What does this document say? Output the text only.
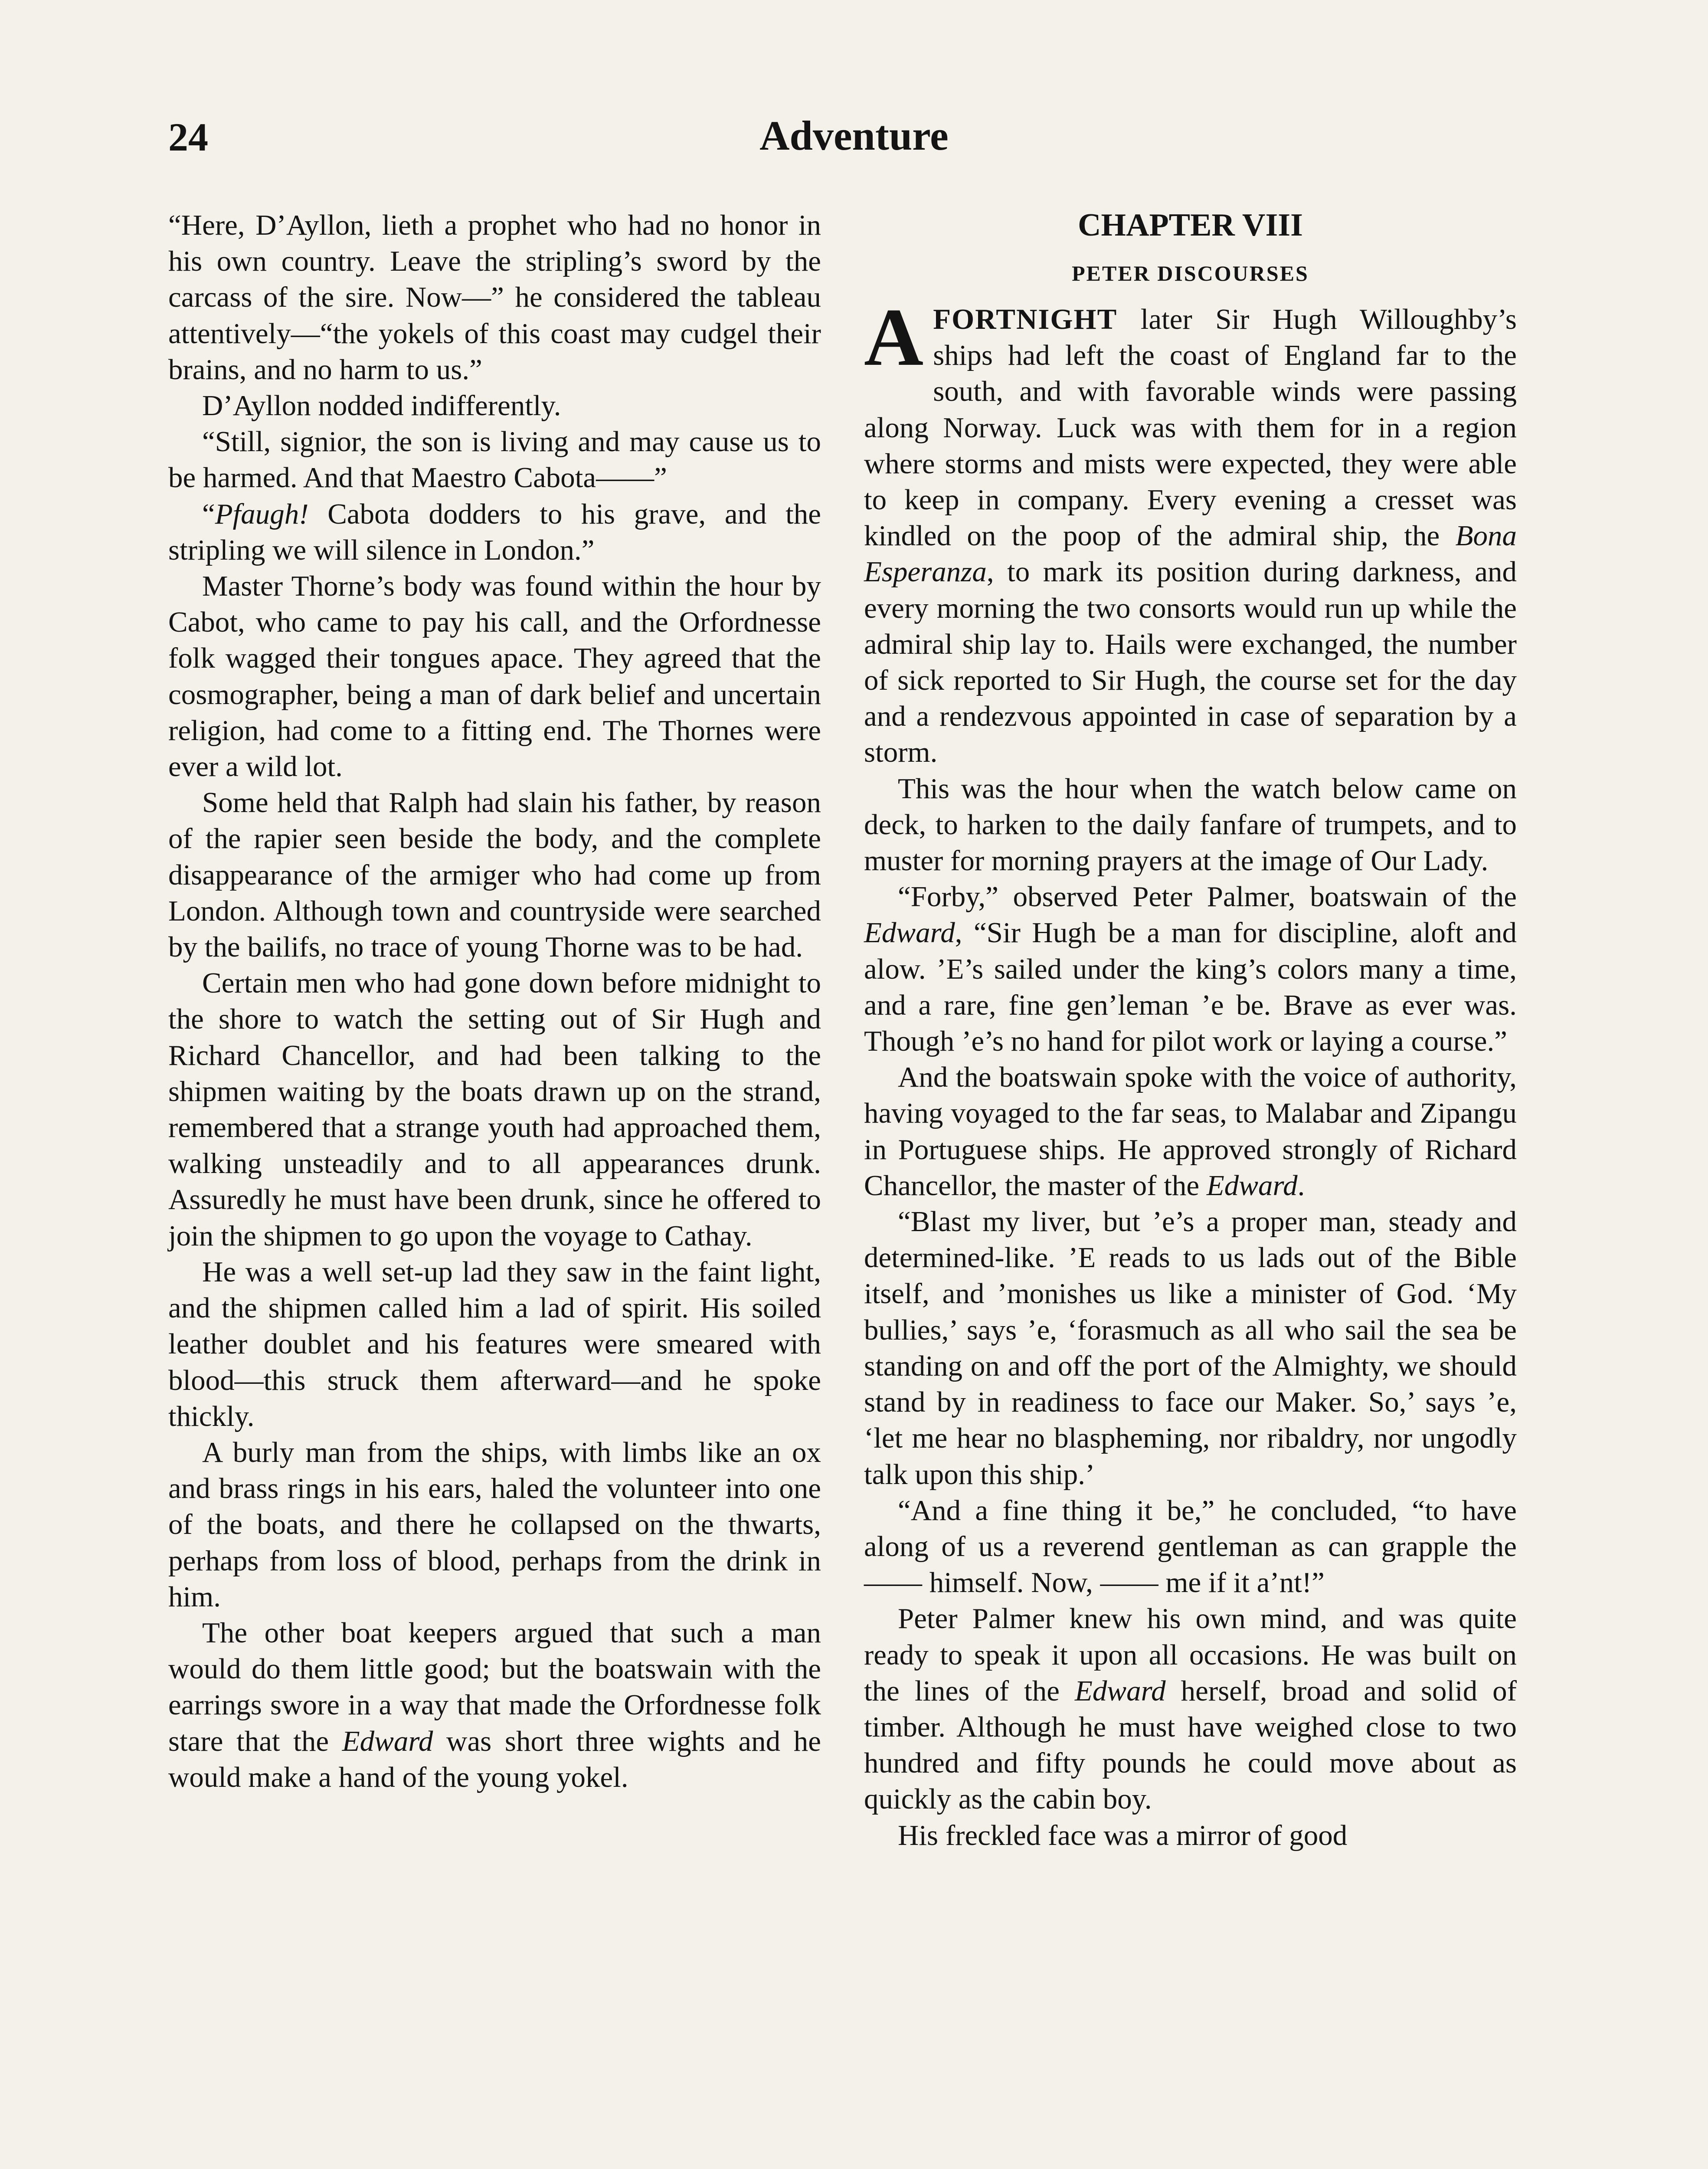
24	Adventure

“Here, D’Ayllon, lieth a prophet who had no honor in his own country. Leave the stripling’s sword by the carcass of the sire. Now—” he considered the tableau attentively—“the yokels of this coast may cudgel their brains, and no harm to us.”

D’Ayllon nodded indifferently.

“Still, signior, the son is living and may cause us to be harmed. And that Maestro Cabota——”

“Pfaugh! Cabota dodders to his grave, and the stripling we will silence in London.”

Master Thorne’s body was found within the hour by Cabot, who came to pay his call, and the Orfordnesse folk wagged their tongues apace. They agreed that the cosmographer, being a man of dark belief and uncertain religion, had come to a fitting end. The Thornes were ever a wild lot.

Some held that Ralph had slain his father, by reason of the rapier seen beside the body, and the complete disappearance of the armiger who had come up from London. Although town and countryside were searched by the bailifs, no trace of young Thorne was to be had.

Certain men who had gone down before midnight to the shore to watch the setting out of Sir Hugh and Richard Chancellor, and had been talking to the shipmen waiting by the boats drawn up on the strand, remembered that a strange youth had approached them, walking unsteadily and to all appearances drunk. Assuredly he must have been drunk, since he offered to join the shipmen to go upon the voyage to Cathay.

He was a well set-up lad they saw in the faint light, and the shipmen called him a lad of spirit. His soiled leather doublet and his features were smeared with blood—this struck them afterward—and he spoke thickly.

A burly man from the ships, with limbs like an ox and brass rings in his ears, haled the volunteer into one of the boats, and there he collapsed on the thwarts, perhaps from loss of blood, perhaps from the drink in him.

The other boat keepers argued that such a man would do them little good; but the boatswain with the earrings swore in a way that made the Orfordnesse folk stare that the Edward was short three wights and he would make a hand of the young yokel.

CHAPTER VIII
PETER DISCOURSES

AFORTNIGHT later Sir Hugh Willoughby’s ships had left the coast of England far to the south, and with favorable winds were passing along Norway. Luck was with them for in a region where storms and mists were expected, they were able to keep in company. Every evening a cresset was kindled on the poop of the admiral ship, the Bona Esperanza, to mark its position during darkness, and every morning the two consorts would run up while the admiral ship lay to. Hails were exchanged, the number of sick reported to Sir Hugh, the course set for the day and a rendezvous appointed in case of separation by a storm.

This was the hour when the watch below came on deck, to harken to the daily fanfare of trumpets, and to muster for morning prayers at the image of Our Lady.

“Forby,” observed Peter Palmer, boatswain of the Edward, “Sir Hugh be a man for discipline, aloft and alow. ’E’s sailed under the king’s colors many a time, and a rare, fine gen’leman ’e be. Brave as ever was. Though ’e’s no hand for pilot work or laying a course.”

And the boatswain spoke with the voice of authority, having voyaged to the far seas, to Malabar and Zipangu in Portuguese ships. He approved strongly of Richard Chancellor, the master of the Edward.

“Blast my liver, but ’e’s a proper man, steady and determined-like. ’E reads to us lads out of the Bible itself, and ’monishes us like a minister of God. ‘My bullies,’ says ’e, ‘forasmuch as all who sail the sea be standing on and off the port of the Almighty, we should stand by in readiness to face our Maker. So,’ says ’e, ‘let me hear no blaspheming, nor ribaldry, nor ungodly talk upon this ship.’

“And a fine thing it be,” he concluded, “to have along of us a reverend gentleman as can grapple the —— himself. Now, —— me if it a’nt!”

Peter Palmer knew his own mind, and was quite ready to speak it upon all occasions. He was built on the lines of the Edward herself, broad and solid of timber. Although he must have weighed close to two hundred and fifty pounds he could move about as quickly as the cabin boy.

His freckled face was a mirror of good
